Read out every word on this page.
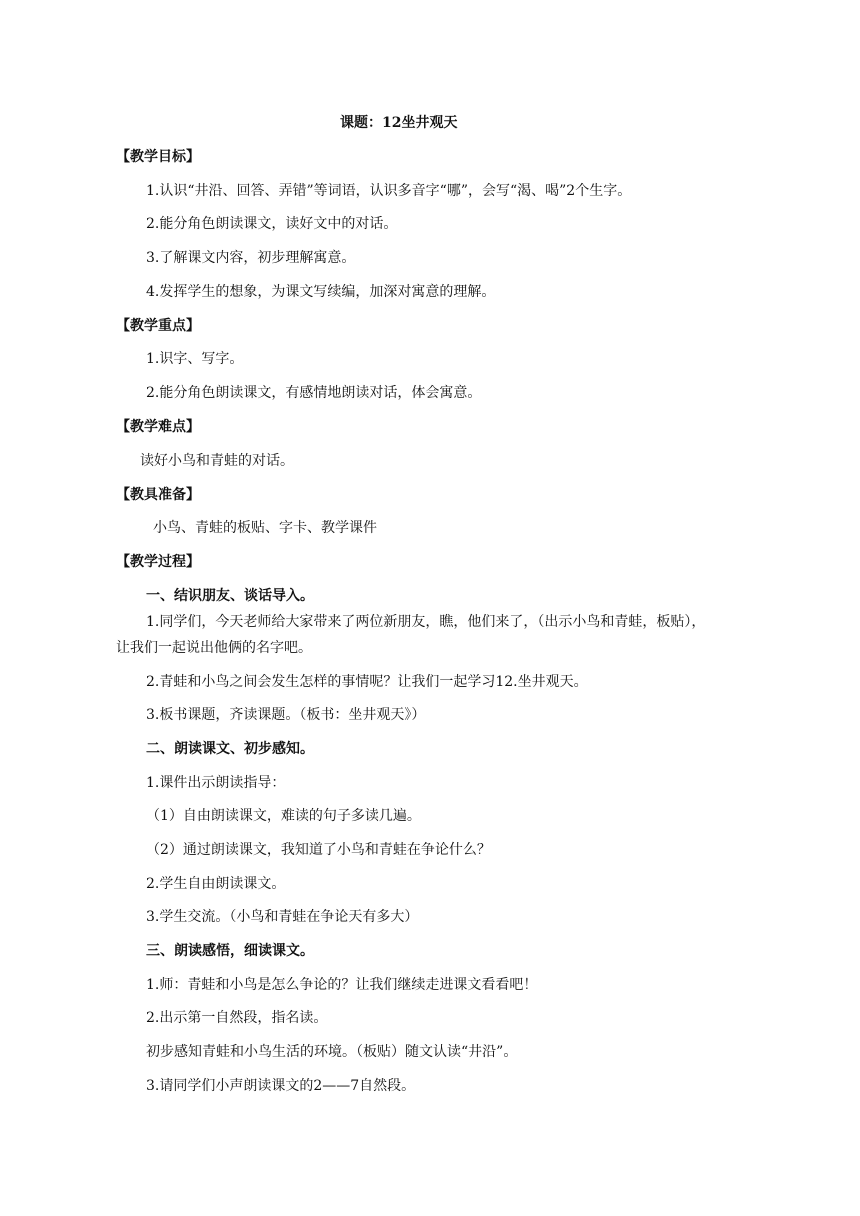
课题：12坐井观天
【教学目标】
1.认识“井沿、回答、弄错”等词语，认识多音字“哪”，会写“渴、喝”2个生字。
2.能分角色朗读课文，读好文中的对话。
3.了解课文内容，初步理解寓意。
4.发挥学生的想象，为课文写续编，加深对寓意的理解。
【教学重点】
1.识字、写字。
2.能分角色朗读课文，有感情地朗读对话，体会寓意。
【教学难点】
读好小鸟和青蛙的对话。
【教具准备】
小鸟、青蛙的板贴、字卡、教学课件
【教学过程】
一、结识朋友、谈话导入。
1.同学们，今天老师给大家带来了两位新朋友，瞧，他们来了，（出示小鸟和青蛙，板贴），
让我们一起说出他俩的名字吧。
2.青蛙和小鸟之间会发生怎样的事情呢？让我们一起学习12.坐井观天。
3.板书课题，齐读课题。（板书：坐井观天》）
二、朗读课文、初步感知。
1.课件出示朗读指导：
（1）自由朗读课文，难读的句子多读几遍。
（2）通过朗读课文，我知道了小鸟和青蛙在争论什么？
2.学生自由朗读课文。
3.学生交流。（小鸟和青蛙在争论天有多大）
三、朗读感悟，细读课文。
1.师：青蛙和小鸟是怎么争论的？让我们继续走进课文看看吧！
2.出示第一自然段，指名读。
初步感知青蛙和小鸟生活的环境。（板贴）随文认读“井沿”。
3.请同学们小声朗读课文的2——7自然段。
